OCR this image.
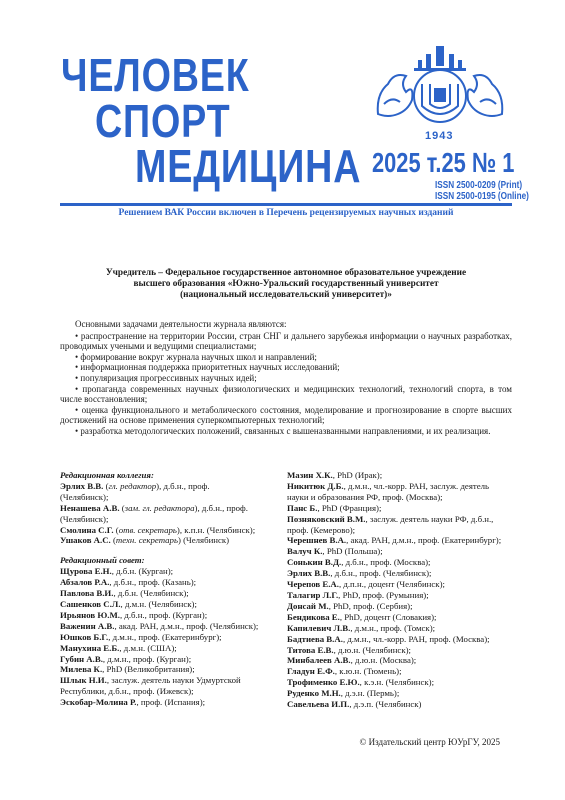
ЧЕЛОВЕК
СПОРТ
МЕДИЦИНА
1943
2025 т.25 № 1
ISSN 2500-0209 (Print)
ISSN 2500-0195 (Online)
Решением ВАК России включен в Перечень рецензируемых научных изданий
Учредитель – Федеральное государственное автономное образовательное учреждение
высшего образования «Южно-Уральский государственный университет
(национальный исследовательский университет)»

Основными задачами деятельности журнала являются:

• распространение на территории России, стран СНГ и дальнего зарубежья информации о научных разработках, проводимых учеными и ведущими специалистами;

• формирование вокруг журнала научных школ и направлений;

• информационная поддержка приоритетных научных исследований;

• популяризация прогрессивных научных идей;

• пропаганда современных научных физиологических и медицинских технологий, технологий спорта, в том числе восстановления;

• оценка функционального и метаболического состояния, моделирование и прогнозирование в спорте высших достижений на основе применения суперкомпьютерных технологий;

• разработка методологических положений, связанных с вышеназванными направлениями, и их реализация.

Редакционная коллегия:
Эрлих В.В. (гл. редактор), д.б.н., проф. (Челябинск);
Ненашева А.В. (зам. гл. редактора), д.б.н., проф. (Челябинск);
Смолина С.Г. (отв. секретарь), к.п.н. (Челябинск);
Ушаков А.С. (техн. секретарь) (Челябинск)
Редакционный совет:
Щурова Е.Н., д.б.н. (Курган);
Абзалов Р.А., д.б.н., проф. (Казань);
Павлова В.И., д.б.н. (Челябинск);
Сашенков С.Л., д.м.н. (Челябинск);
Ирьянов Ю.М., д.б.н., проф. (Курган);
Важенин А.В., акад. РАН, д.м.н., проф. (Челябинск);
Юшков Б.Г., д.м.н., проф. (Екатеринбург);
Манухина Е.Б., д.м.н. (США);
Губин А.В., д.м.н., проф. (Курган);
Милева К., PhD (Великобритания);
Шлык Н.И., заслуж. деятель науки Удмуртской Республики, д.б.н., проф. (Ижевск);
Эскобар-Молина Р., проф. (Испания);
Мазин Х.К., PhD (Ирак);
Никитюк Д.Б., д.м.н., чл.-корр. РАН, заслуж. деятель науки и образования РФ, проф. (Москва);
Панс Б., PhD (Франция);
Позняковский В.М., заслуж. деятель науки РФ, д.б.н., проф. (Кемерово);
Черешнев В.А., акад. РАН, д.м.н., проф. (Екатеринбург);
Валуч К., PhD (Польша);
Сонькин В.Д., д.б.н., проф. (Москва);
Эрлих В.В., д.б.н., проф. (Челябинск);
Черепов Е.А., д.п.н., доцент (Челябинск);
Талагир Л.Г., PhD, проф. (Румыния);
Донсай М., PhD, проф. (Сербия);
Бендикова Е., PhD, доцент (Словакия);
Капилевич Л.В., д.м.н., проф. (Томск);
Бадтиева В.А., д.м.н., чл.-корр. РАН, проф. (Москва);
Титова Е.В., д.ю.н. (Челябинск);
Минбалеев А.В., д.ю.н. (Москва);
Гладун Е.Ф., к.ю.н. (Тюмень);
Трофименко Е.Ю., к.э.н. (Челябинск);
Руденко М.Н., д.э.н. (Пермь);
Савельева И.П., д.э.п. (Челябинск)
© Издательский центр ЮУрГУ, 2025
